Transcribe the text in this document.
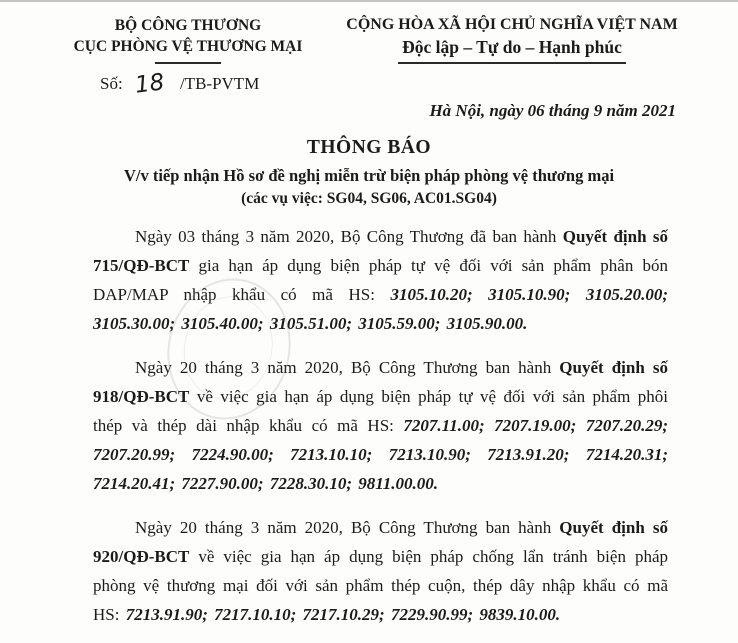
BỘ CÔNG THƯƠNG
CỤC PHÒNG VỆ THƯƠNG MẠI
CỘNG HÒA XÃ HỘI CHỦ NGHĨA VIỆT NAM
Độc lập – Tự do – Hạnh phúc
Số: 18 /TB-PVTM
Hà Nội, ngày 06 tháng 9 năm 2021
THÔNG BÁO
V/v tiếp nhận Hồ sơ đề nghị miễn trừ biện pháp phòng vệ thương mại
(các vụ việc: SG04, SG06, AC01.SG04)

Ngày 03 tháng 3 năm 2020, Bộ Công Thương đã ban hành Quyết định số 715/QĐ-BCT gia hạn áp dụng biện pháp tự vệ đối với sản phẩm phân bón DAP/MAP nhập khẩu có mã HS: 3105.10.20; 3105.10.90; 3105.20.00; 3105.30.00; 3105.40.00; 3105.51.00; 3105.59.00; 3105.90.00.

Ngày 20 tháng 3 năm 2020, Bộ Công Thương ban hành Quyết định số 918/QĐ-BCT về việc gia hạn áp dụng biện pháp tự vệ đối với sản phẩm phôi thép và thép dài nhập khẩu có mã HS: 7207.11.00; 7207.19.00; 7207.20.29; 7207.20.99; 7224.90.00; 7213.10.10; 7213.10.90; 7213.91.20; 7214.20.31; 7214.20.41; 7227.90.00; 7228.30.10; 9811.00.00.

Ngày 20 tháng 3 năm 2020, Bộ Công Thương ban hành Quyết định số 920/QĐ-BCT về việc gia hạn áp dụng biện pháp chống lẩn tránh biện pháp phòng vệ thương mại đối với sản phẩm thép cuộn, thép dây nhập khẩu có mã HS: 7213.91.90; 7217.10.10; 7217.10.29; 7229.90.99; 9839.10.00.
